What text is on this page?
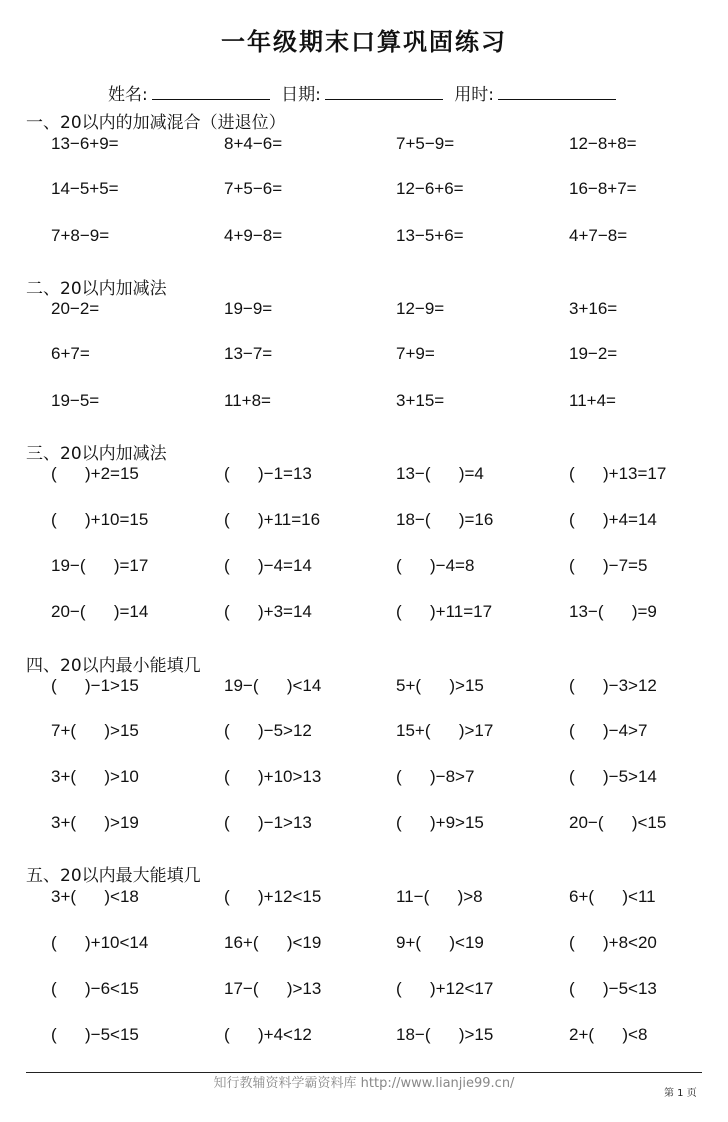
一年级期末口算巩固练习
姓名:	日期:	用时:
一、20以内的加减混合（进退位）
13−6+9=	8+4−6=	7+5−9=	12−8+8=
14−5+5=	7+5−6=	12−6+6=	16−8+7=
7+8−9=	4+9−8=	13−5+6=	4+7−8=
二、20以内加减法
20−2=	19−9=	12−9=	3+16=
6+7=	13−7=	7+9=	19−2=
19−5=	11+8=	3+15=	11+4=
三、20以内加减法
(      )+2=15	(      )−1=13	13−(      )=4	(      )+13=17
(      )+10=15	(      )+11=16	18−(      )=16	(      )+4=14
19−(      )=17	(      )−4=14	(      )−4=8	(      )−7=5
20−(      )=14	(      )+3=14	(      )+11=17	13−(      )=9
四、20以内最小能填几
(      )−1>15	19−(      )<14	5+(      )>15	(      )−3>12
7+(      )>15	(      )−5>12	15+(      )>17	(      )−4>7
3+(      )>10	(      )+10>13	(      )−8>7	(      )−5>14
3+(      )>19	(      )−1>13	(      )+9>15	20−(      )<15
五、20以内最大能填几
3+(      )<18	(      )+12<15	11−(      )>8	6+(      )<11
(      )+10<14	16+(      )<19	9+(      )<19	(      )+8<20
(      )−6<15	17−(      )>13	(      )+12<17	(      )−5<13
(      )−5<15	(      )+4<12	18−(      )>15	2+(      )<8
知行教辅资料学霸资料库 http://www.lianjie99.cn/
第 1 页
